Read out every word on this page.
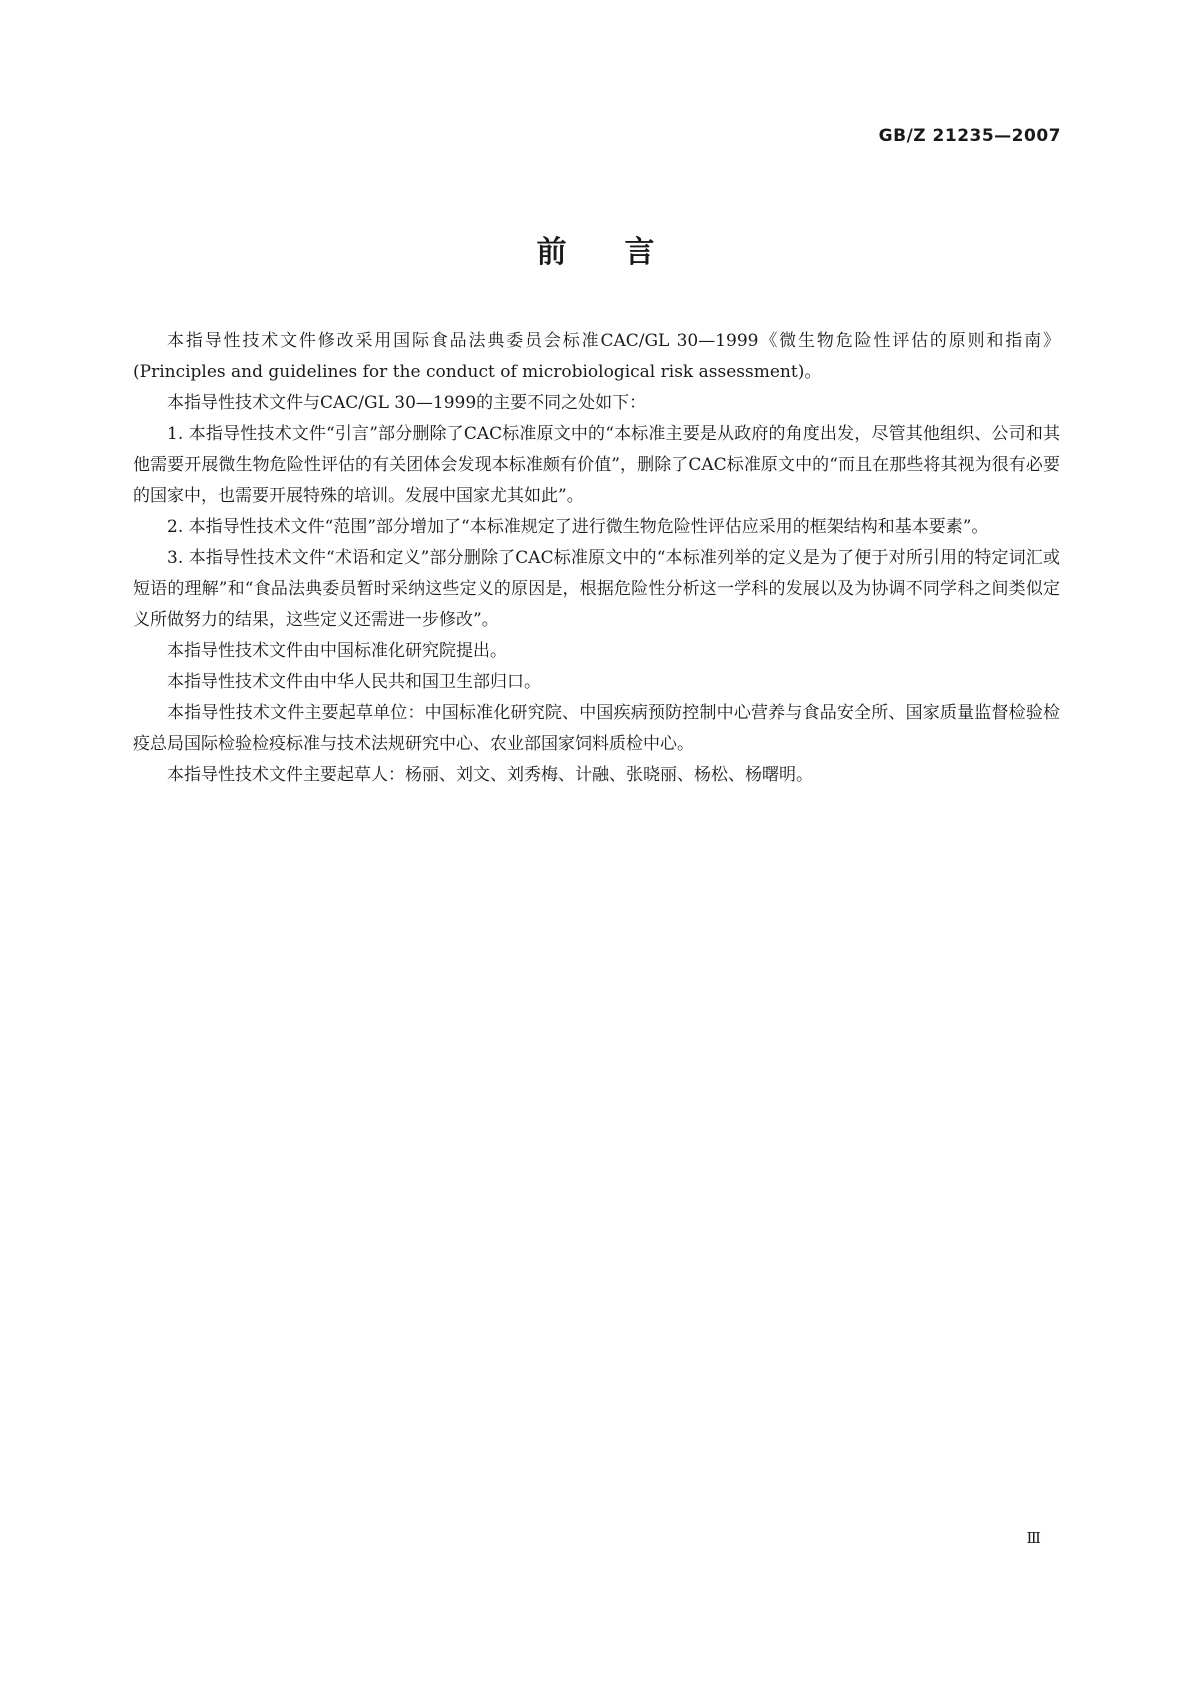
GB/Z 21235—2007
前言

本指导性技术文件修改采用国际食品法典委员会标准CAC/GL 30—1999《微生物危险性评估的原则和指南》(Principles and guidelines for the conduct of microbiological risk assessment)。

本指导性技术文件与CAC/GL 30—1999的主要不同之处如下：

1. 本指导性技术文件“引言”部分删除了CAC标准原文中的“本标准主要是从政府的角度出发，尽管其他组织、公司和其他需要开展微生物危险性评估的有关团体会发现本标准颇有价值”，删除了CAC标准原文中的“而且在那些将其视为很有必要的国家中，也需要开展特殊的培训。发展中国家尤其如此”。

2. 本指导性技术文件“范围”部分增加了“本标准规定了进行微生物危险性评估应采用的框架结构和基本要素”。

3. 本指导性技术文件“术语和定义”部分删除了CAC标准原文中的“本标准列举的定义是为了便于对所引用的特定词汇或短语的理解”和“食品法典委员暂时采纳这些定义的原因是，根据危险性分析这一学科的发展以及为协调不同学科之间类似定义所做努力的结果，这些定义还需进一步修改”。

本指导性技术文件由中国标准化研究院提出。

本指导性技术文件由中华人民共和国卫生部归口。

本指导性技术文件主要起草单位：中国标准化研究院、中国疾病预防控制中心营养与食品安全所、国家质量监督检验检疫总局国际检验检疫标准与技术法规研究中心、农业部国家饲料质检中心。

本指导性技术文件主要起草人：杨丽、刘文、刘秀梅、计融、张晓丽、杨松、杨曙明。

Ⅲ
